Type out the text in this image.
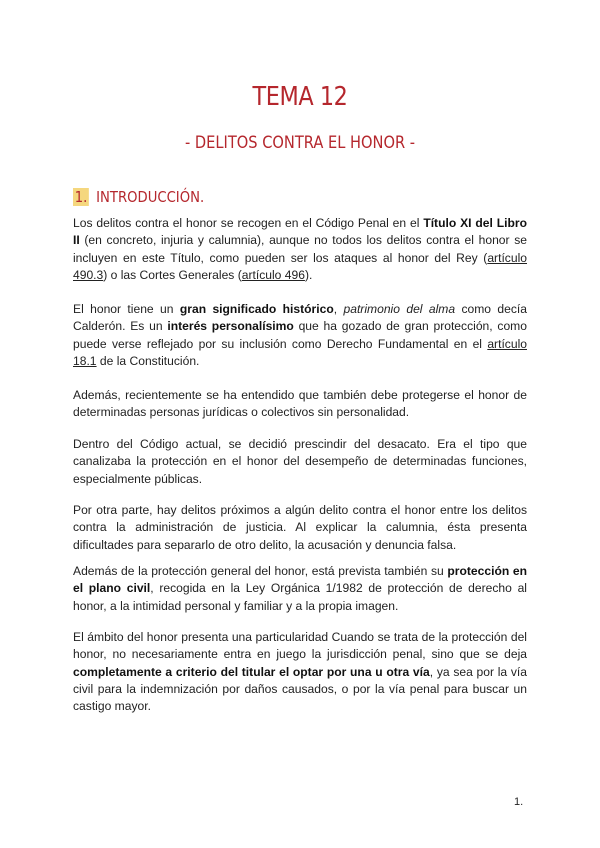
TEMA 12
- DELITOS CONTRA EL HONOR -
1. INTRODUCCIÓN.

Los delitos contra el honor se recogen en el Código Penal en el Título XI del Libro II (en concreto, injuria y calumnia), aunque no todos los delitos contra el honor se incluyen en este Título, como pueden ser los ataques al honor del Rey (artículo 490.3) o las Cortes Generales (artículo 496).

El honor tiene un gran significado histórico, patrimonio del alma como decía Calderón. Es un interés personalísimo que ha gozado de gran protección, como puede verse reflejado por su inclusión como Derecho Fundamental en el artículo 18.1 de la Constitución.

Además, recientemente se ha entendido que también debe protegerse el honor de determinadas personas jurídicas o colectivos sin personalidad.

Dentro del Código actual, se decidió prescindir del desacato. Era el tipo que canalizaba la protección en el honor del desempeño de determinadas funciones, especialmente públicas.

Por otra parte, hay delitos próximos a algún delito contra el honor entre los delitos contra la administración de justicia. Al explicar la calumnia, ésta presenta dificultades para separarlo de otro delito, la acusación y denuncia falsa.

Además de la protección general del honor, está prevista también su protección en el plano civil, recogida en la Ley Orgánica 1/1982 de protección de derecho al honor, a la intimidad personal y familiar y a la propia imagen.

El ámbito del honor presenta una particularidad Cuando se trata de la protección del honor, no necesariamente entra en juego la jurisdicción penal, sino que se deja completamente a criterio del titular el optar por una u otra vía, ya sea por la vía civil para la indemnización por daños causados, o por la vía penal para buscar un castigo mayor.

1.
